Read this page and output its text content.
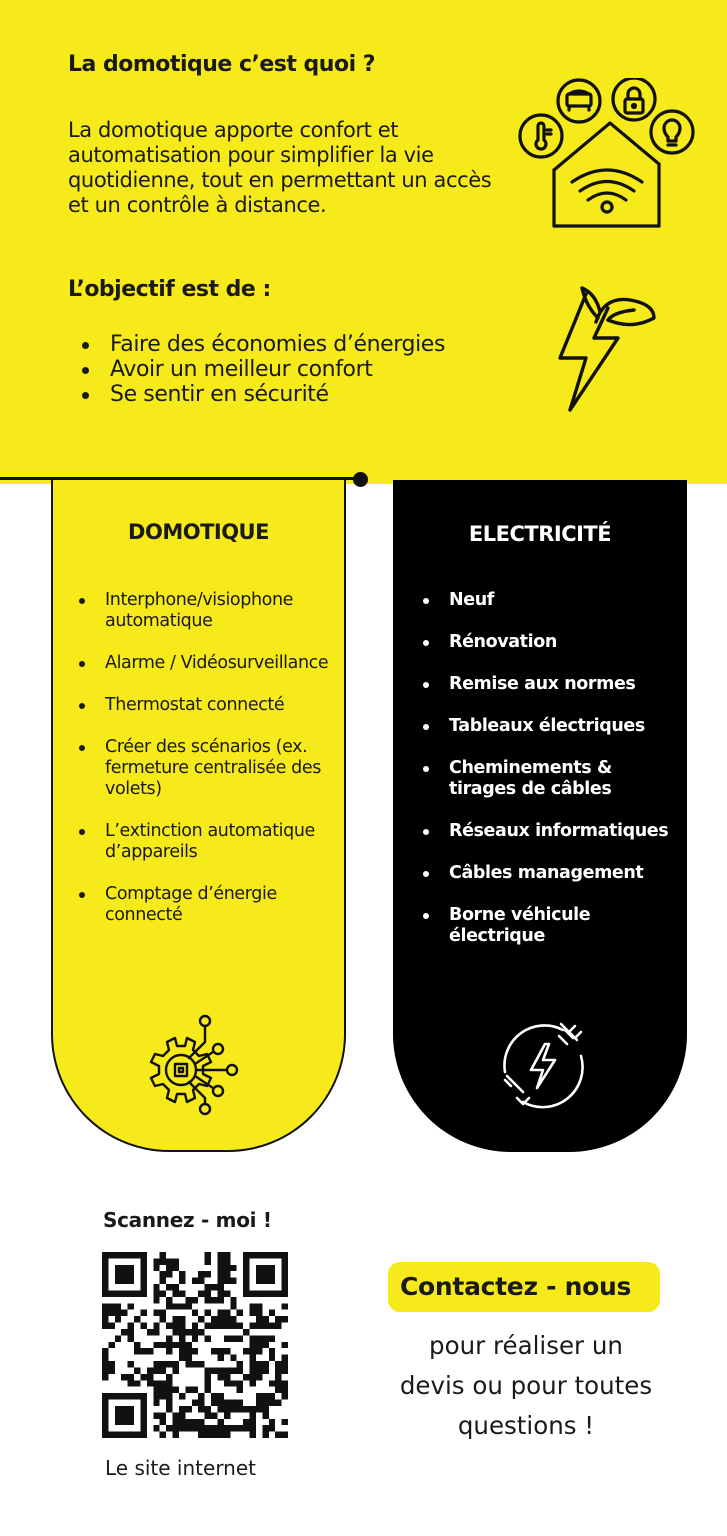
La domotique c’est quoi ?

La domotique apporte confort et automatisation pour simplifier la vie quotidienne, tout en permettant un accès et un contrôle à distance.

L’objectif est de :
Faire des économies d’énergies
Avoir un meilleur confort
Se sentir en sécurité
DOMOTIQUE
Interphone/visiophone automatique
Alarme / Vidéosurveillance
Thermostat connecté
Créer des scénarios (ex. fermeture centralisée des volets)
L’extinction automatique d’appareils
Comptage d’énergie connecté
ELECTRICITÉ
Neuf
Rénovation
Remise aux normes
Tableaux électriques
Cheminements & tirages de câbles
Réseaux informatiques
Câbles management
Borne véhicule électrique
Scannez - moi !
Le site internet
Contactez - nous
pour réaliser un devis ou pour toutes questions !
